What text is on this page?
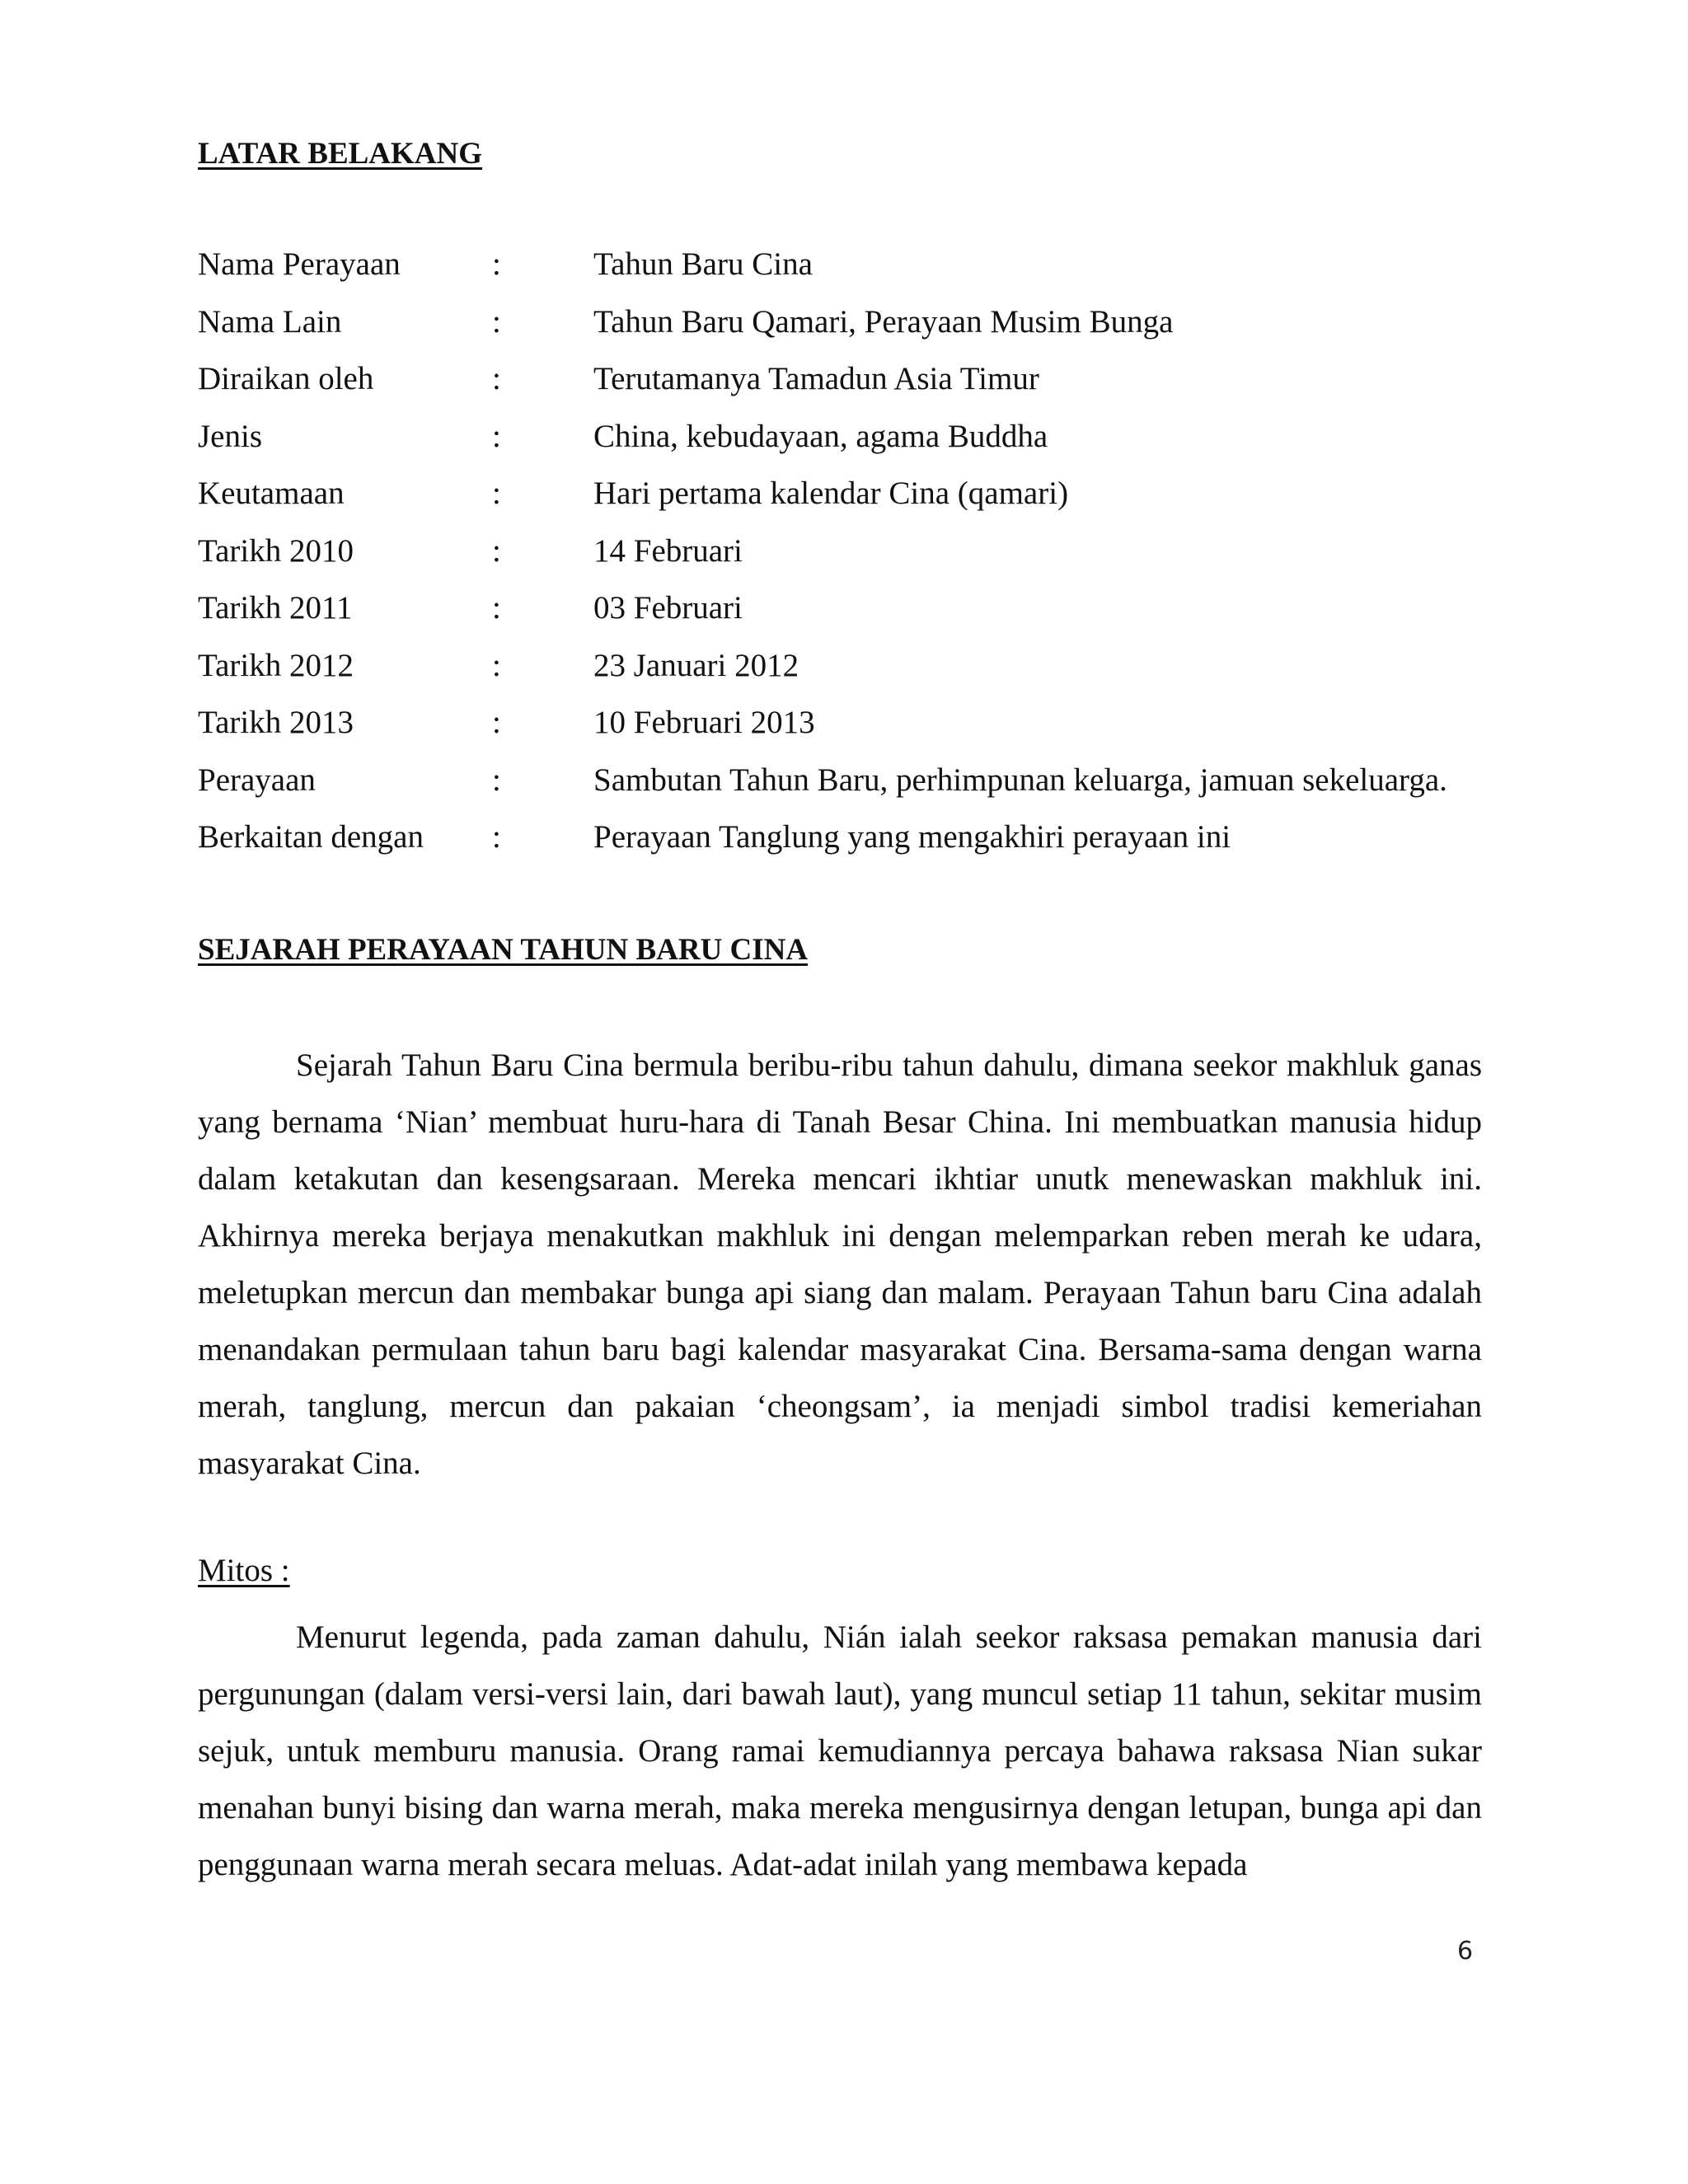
LATAR BELAKANG
Nama Perayaan	:	Tahun Baru Cina
Nama Lain	:	Tahun Baru Qamari, Perayaan Musim Bunga
Diraikan oleh	:	Terutamanya Tamadun Asia Timur
Jenis	:	China, kebudayaan, agama Buddha
Keutamaan	:	Hari pertama kalendar Cina (qamari)
Tarikh 2010	:	14 Februari
Tarikh 2011	:	03 Februari
Tarikh 2012	:	23 Januari 2012
Tarikh 2013	:	10 Februari 2013
Perayaan	:	Sambutan Tahun Baru, perhimpunan keluarga, jamuan sekeluarga.
Berkaitan dengan :	Perayaan Tanglung yang mengakhiri perayaan ini
SEJARAH PERAYAAN TAHUN BARU CINA

Sejarah Tahun Baru Cina bermula beribu-ribu tahun dahulu, dimana seekor makhluk ganas yang bernama ‘Nian’ membuat huru-hara di Tanah Besar China. Ini membuatkan manusia hidup dalam ketakutan dan kesengsaraan. Mereka mencari ikhtiar unutk menewaskan makhluk ini. Akhirnya mereka berjaya menakutkan makhluk ini dengan melemparkan reben merah ke udara, meletupkan mercun dan membakar bunga api siang dan malam. Perayaan Tahun baru Cina adalah menandakan permulaan tahun baru bagi kalendar masyarakat Cina. Bersama-sama dengan warna merah, tanglung, mercun dan pakaian ‘cheongsam’, ia menjadi simbol tradisi kemeriahan masyarakat Cina.

Mitos :

Menurut legenda, pada zaman dahulu, Nián ialah seekor raksasa pemakan manusia dari pergunungan (dalam versi-versi lain, dari bawah laut), yang muncul setiap 11 tahun, sekitar musim sejuk, untuk memburu manusia. Orang ramai kemudiannya percaya bahawa raksasa Nian sukar menahan bunyi bising dan warna merah, maka mereka mengusirnya dengan letupan, bunga api dan penggunaan warna merah secara meluas. Adat-adat inilah yang membawa kepada

6
